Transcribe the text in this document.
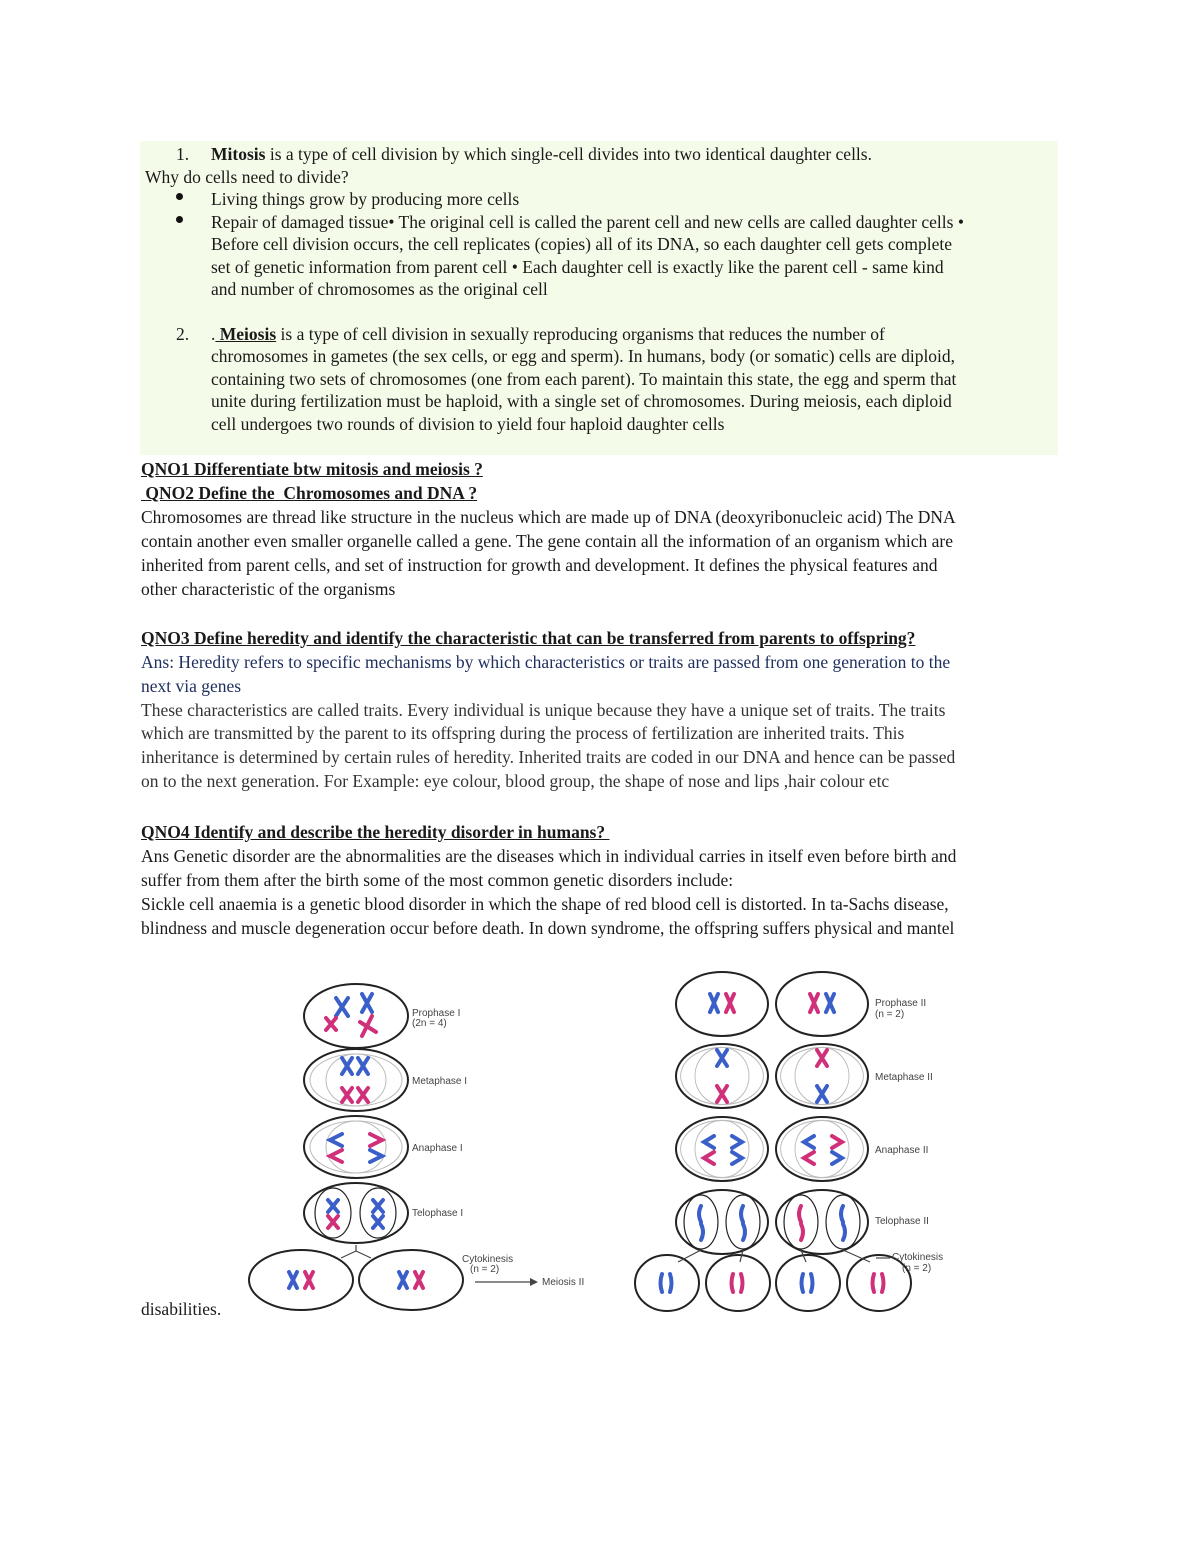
1. Mitosis is a type of cell division by which single-cell divides into two identical daughter cells.
Why do cells need to divide?
Living things grow by producing more cells
Repair of damaged tissue• The original cell is called the parent cell and new cells are called daughter cells •
Before cell division occurs, the cell replicates (copies) all of its DNA, so each daughter cell gets complete
set of genetic information from parent cell • Each daughter cell is exactly like the parent cell - same kind
and number of chromosomes as the original cell
2. . Meiosis is a type of cell division in sexually reproducing organisms that reduces the number of
chromosomes in gametes (the sex cells, or egg and sperm). In humans, body (or somatic) cells are diploid,
containing two sets of chromosomes (one from each parent). To maintain this state, the egg and sperm that
unite during fertilization must be haploid, with a single set of chromosomes. During meiosis, each diploid
cell undergoes two rounds of division to yield four haploid daughter cells
QNO1 Differentiate btw mitosis and meiosis ?
QNO2 Define the  Chromosomes and DNA ?
Chromosomes are thread like structure in the nucleus which are made up of DNA (deoxyribonucleic acid) The DNA
contain another even smaller organelle called a gene. The gene contain all the information of an organism which are
inherited from parent cells, and set of instruction for growth and development. It defines the physical features and
other characteristic of the organisms
QNO3 Define heredity and identify the characteristic that can be transferred from parents to offspring?
Ans: Heredity refers to specific mechanisms by which characteristics or traits are passed from one generation to the
next via genes
These characteristics are called traits. Every individual is unique because they have a unique set of traits. The traits
which are transmitted by the parent to its offspring during the process of fertilization are inherited traits. This
inheritance is determined by certain rules of heredity. Inherited traits are coded in our DNA and hence can be passed
on to the next generation. For Example: eye colour, blood group, the shape of nose and lips ,hair colour etc
QNO4 Identify and describe the heredity disorder in humans?
Ans Genetic disorder are the abnormalities are the diseases which in individual carries in itself even before birth and
suffer from them after the birth some of the most common genetic disorders include:
Sickle cell anaemia is a genetic blood disorder in which the shape of red blood cell is distorted. In ta-Sachs disease,
blindness and muscle degeneration occur before death. In down syndrome, the offspring suffers physical and mantel
disabilities.
Prophase I
(2n = 4)
Metaphase I
Anaphase I
Telophase I
Cytokinesis
(n = 2)
Meiosis II
Prophase II
(n = 2)
Metaphase II
Anaphase II
Telophase II
Cytokinesis
(n = 2)
